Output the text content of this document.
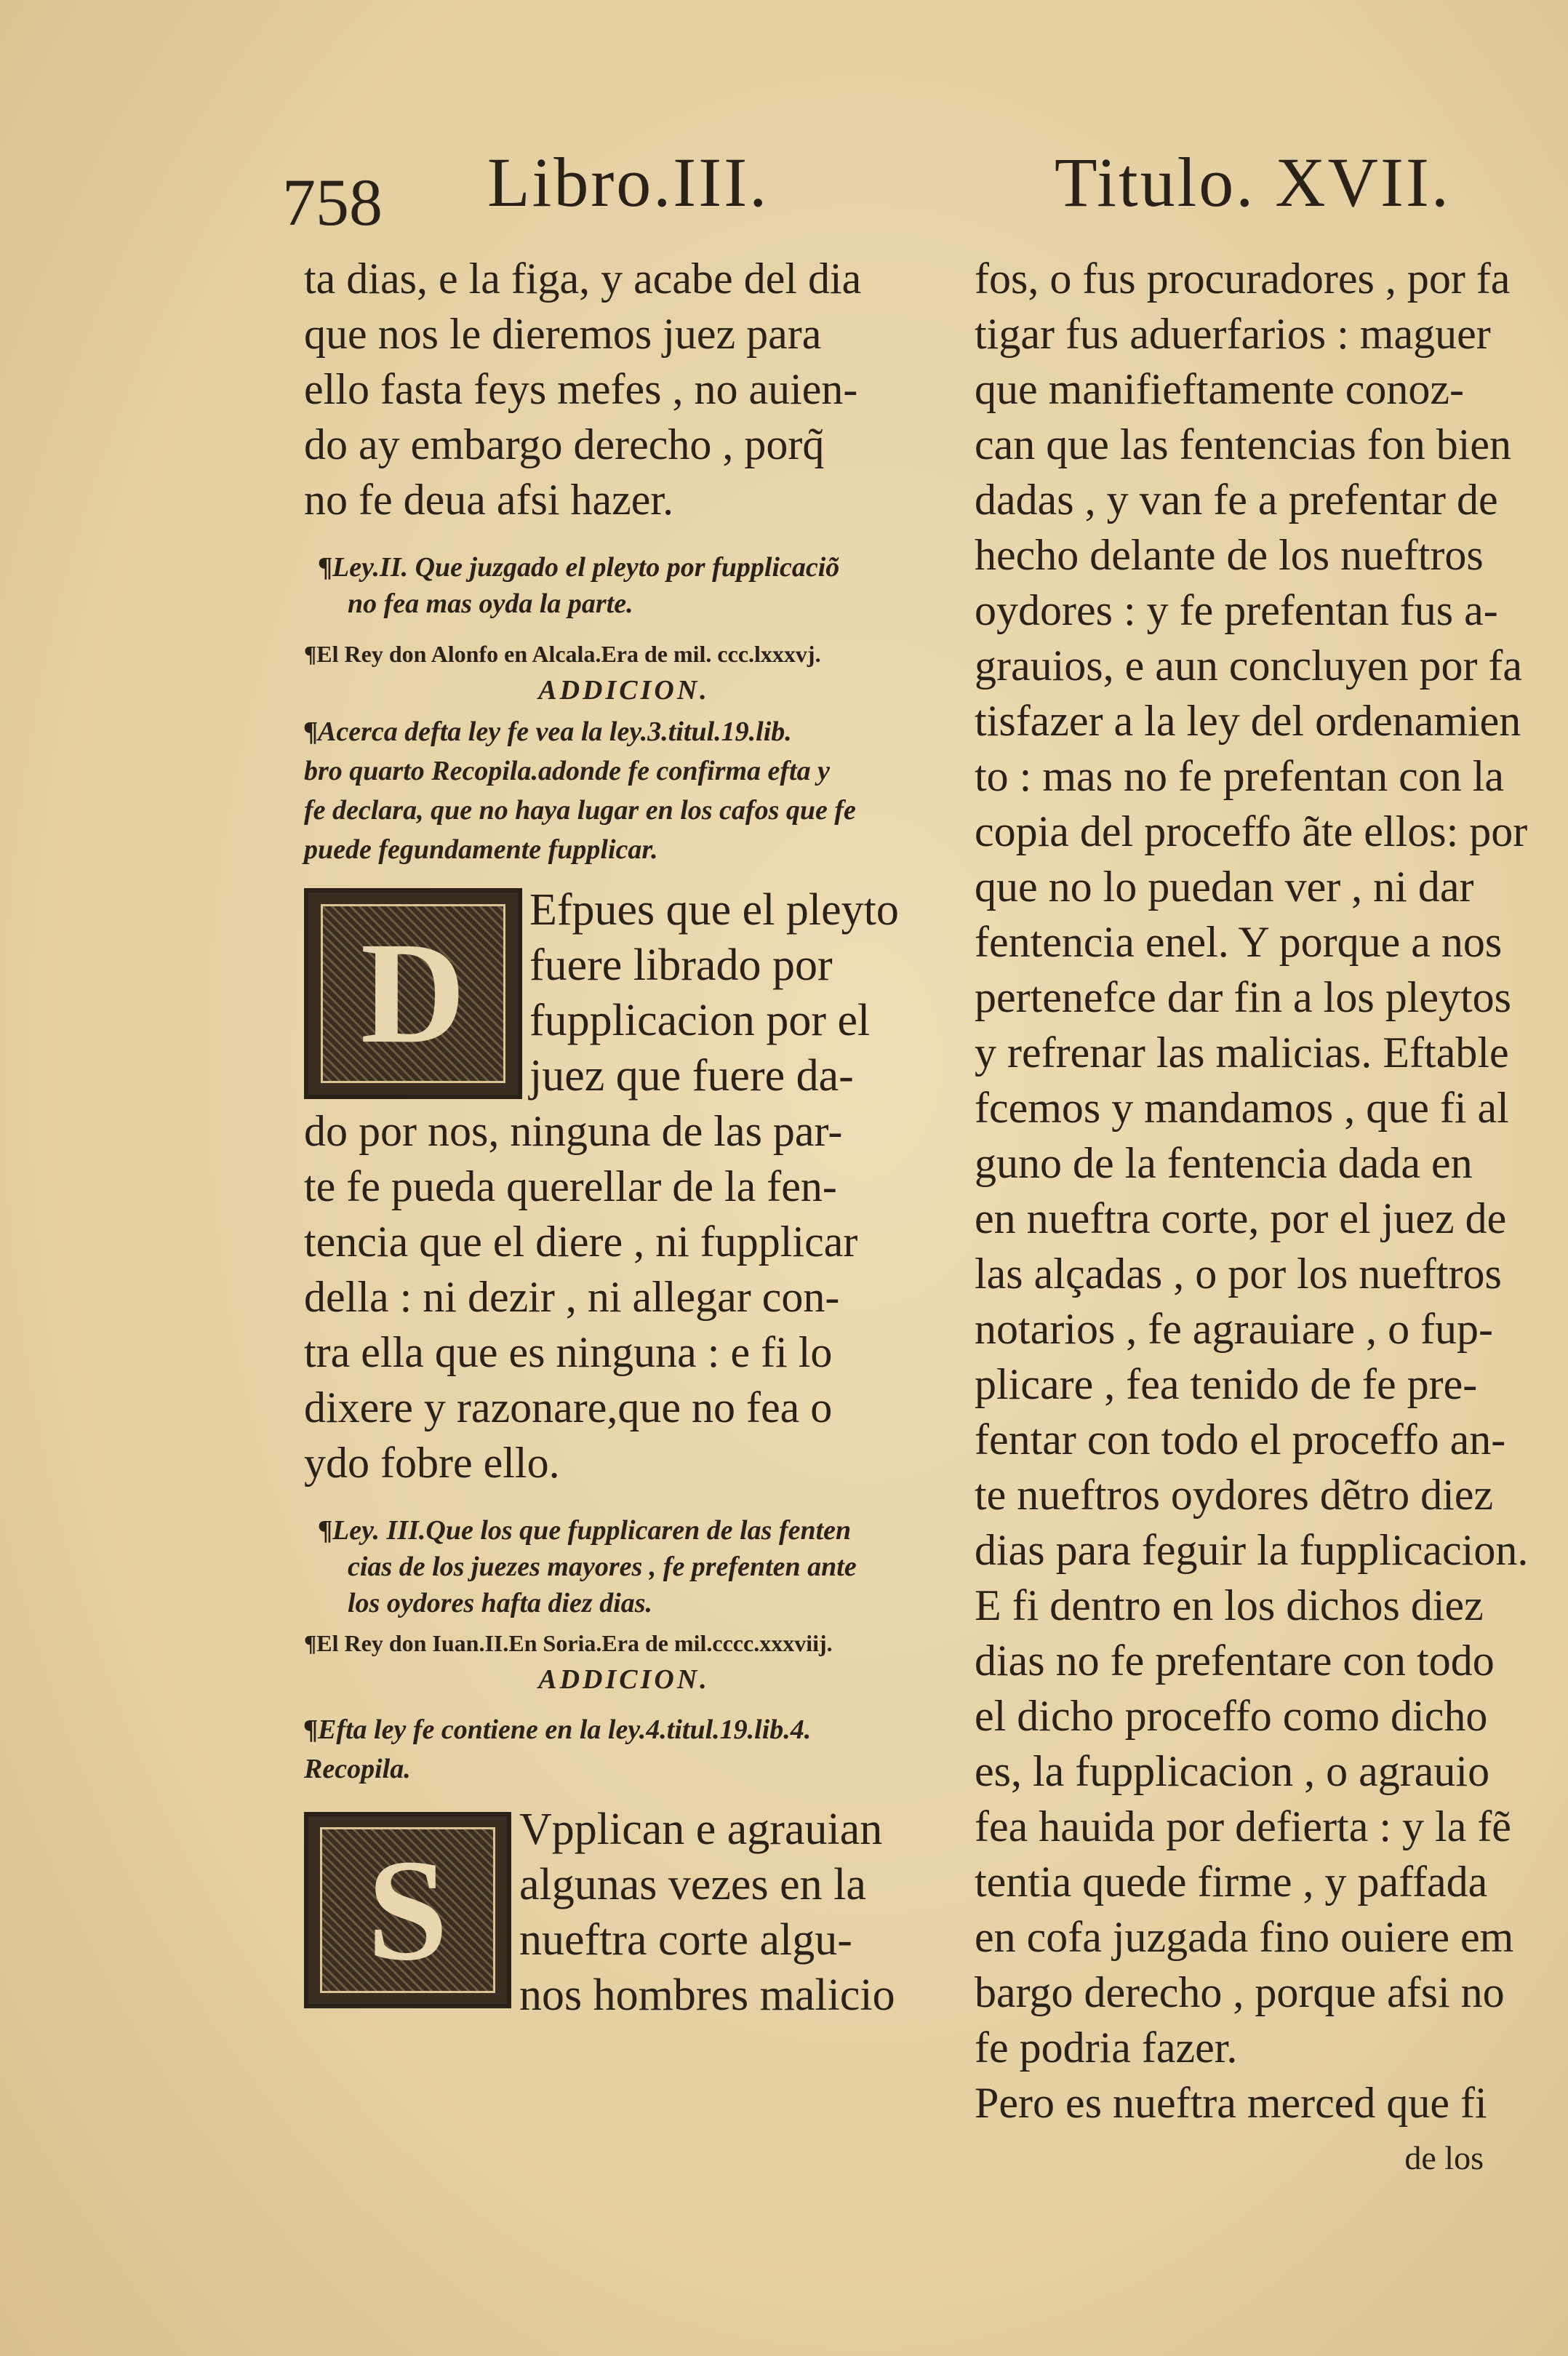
758 Libro.III.	Titulo. XVII.
ta dias, e la figa, y acabe del dia
que nos le dieremos juez para
ello fasta feys mefes , no auien-
do ay embargo derecho , porq̃
no fe deua afsi hazer.
¶Ley.II. Que juzgado el pleyto por fupplicaciõ
no fea mas oyda la parte.
¶El Rey don Alonfo en Alcala.Era de mil. ccc.lxxxvj.
ADDICION.
¶Acerca defta ley fe vea la ley.3.titul.19.lib.
bro quarto Recopila.adonde fe confirma efta y
fe declara, que no haya lugar en los cafos que fe
puede fegundamente fupplicar.
D
Efpues que el pleyto
fuere librado por
fupplicacion por el
juez que fuere da-
do por nos, ninguna de las par-
te fe pueda querellar de la fen-
tencia que el diere , ni fupplicar
della : ni dezir , ni allegar con-
tra ella que es ninguna : e fi lo
dixere y razonare,que no fea o
ydo fobre ello.
¶Ley. III.Que los que fupplicaren de las fenten
cias de los juezes mayores , fe prefenten ante
los oydores hafta diez dias.
¶El Rey don Iuan.II.En Soria.Era de mil.cccc.xxxviij.
ADDICION.
¶Efta ley fe contiene en la ley.4.titul.19.lib.4.
Recopila.
S
Vpplican e agrauian
algunas vezes en la
nueftra corte algu-
nos hombres malicio
fos, o fus procuradores , por fa
tigar fus aduerfarios : maguer
que manifieftamente conoz-
can que las fentencias fon bien
dadas , y van fe a prefentar de
hecho delante de los nueftros
oydores : y fe prefentan fus a-
grauios, e aun concluyen por fa
tisfazer a la ley del ordenamien
to : mas no fe prefentan con la
copia del proceffo ãte ellos: por
que no lo puedan ver , ni dar
fentencia enel. Y porque a nos
pertenefce dar fin a los pleytos
y refrenar las malicias. Eftable
fcemos y mandamos , que fi al
guno de la fentencia dada en
en nueftra corte, por el juez de
las alçadas , o por los nueftros
notarios , fe agrauiare , o fup-
plicare , fea tenido de fe pre-
fentar con todo el proceffo an-
te nueftros oydores dẽtro diez
dias para feguir la fupplicacion.
E fi dentro en los dichos diez
dias no fe prefentare con todo
el dicho proceffo como dicho
es, la fupplicacion , o agrauio
fea hauida por defierta : y la fẽ
tentia quede firme , y paffada
en cofa juzgada fino ouiere em
bargo derecho , porque afsi no
fe podria fazer.
Pero es nueftra merced que fi
de los
